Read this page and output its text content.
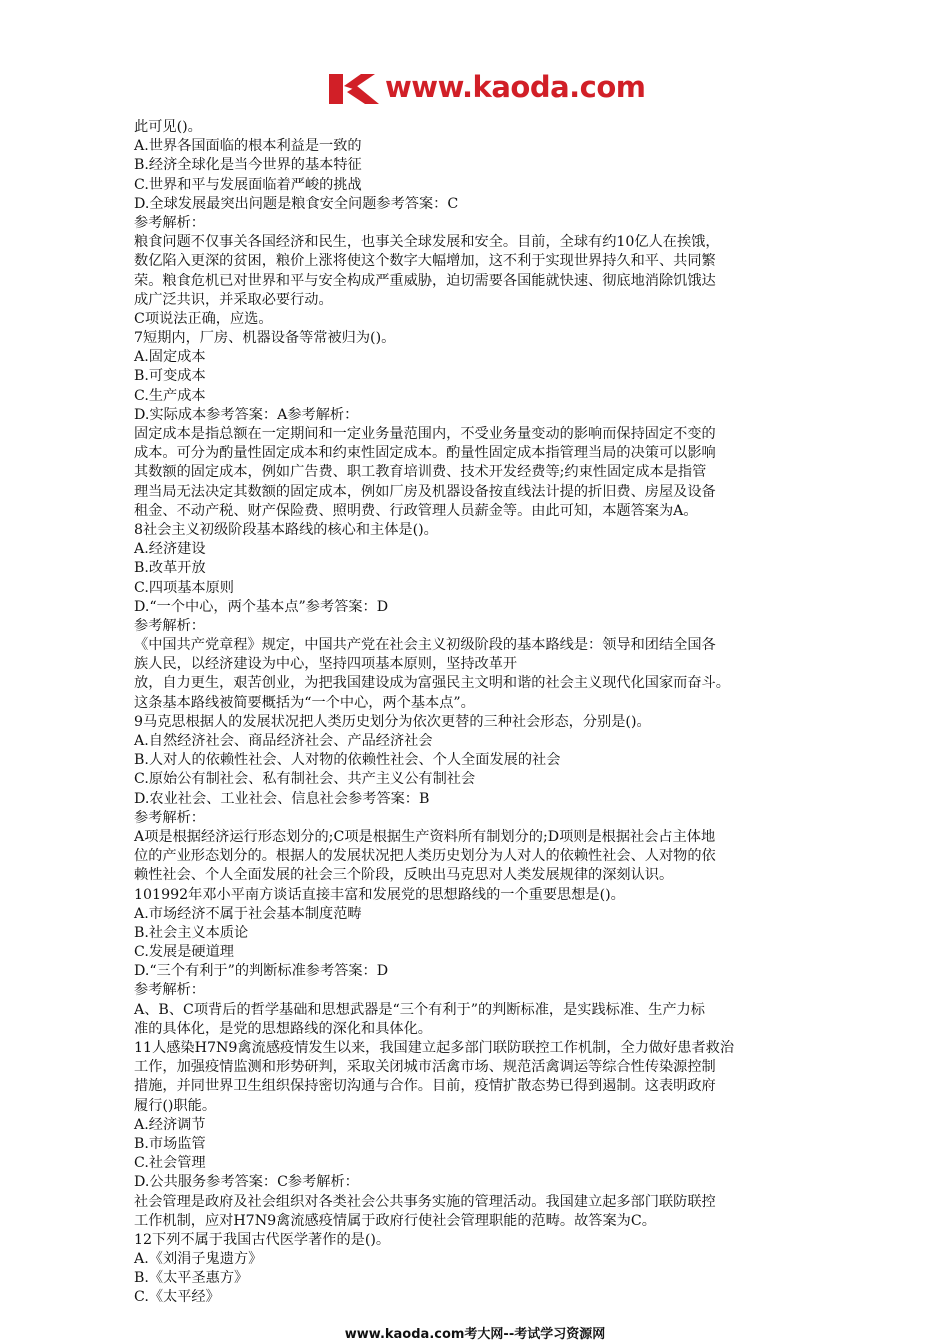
www.kaoda.com
此可见()。
A.世界各国面临的根本利益是一致的
B.经济全球化是当今世界的基本特征
C.世界和平与发展面临着严峻的挑战
D.全球发展最突出问题是粮食安全问题参考答案：C
参考解析：
粮食问题不仅事关各国经济和民生，也事关全球发展和安全。目前，全球有约10亿人在挨饿，
数亿陷入更深的贫困，粮价上涨将使这个数字大幅增加，这不利于实现世界持久和平、共同繁
荣。粮食危机已对世界和平与安全构成严重威胁，迫切需要各国能就快速、彻底地消除饥饿达
成广泛共识，并采取必要行动。
C项说法正确，应选。
7短期内，厂房、机器设备等常被归为()。
A.固定成本
B.可变成本
C.生产成本
D.实际成本参考答案：A参考解析：
固定成本是指总额在一定期间和一定业务量范围内，不受业务量变动的影响而保持固定不变的
成本。可分为酌量性固定成本和约束性固定成本。酌量性固定成本指管理当局的决策可以影响
其数额的固定成本，例如广告费、职工教育培训费、技术开发经费等;约束性固定成本是指管
理当局无法决定其数额的固定成本，例如厂房及机器设备按直线法计提的折旧费、房屋及设备
租金、不动产税、财产保险费、照明费、行政管理人员薪金等。由此可知，本题答案为A。
8社会主义初级阶段基本路线的核心和主体是()。
A.经济建设
B.改革开放
C.四项基本原则
D.“一个中心，两个基本点”参考答案：D
参考解析：
《中国共产党章程》规定，中国共产党在社会主义初级阶段的基本路线是：领导和团结全国各
族人民，以经济建设为中心，坚持四项基本原则，坚持改革开
放，自力更生，艰苦创业，为把我国建设成为富强民主文明和谐的社会主义现代化国家而奋斗。
这条基本路线被简要概括为“一个中心，两个基本点”。
9马克思根据人的发展状况把人类历史划分为依次更替的三种社会形态，分别是()。
A.自然经济社会、商品经济社会、产品经济社会
B.人对人的依赖性社会、人对物的依赖性社会、个人全面发展的社会
C.原始公有制社会、私有制社会、共产主义公有制社会
D.农业社会、工业社会、信息社会参考答案：B
参考解析：
A项是根据经济运行形态划分的;C项是根据生产资料所有制划分的;D项则是根据社会占主体地
位的产业形态划分的。根据人的发展状况把人类历史划分为人对人的依赖性社会、人对物的依
赖性社会、个人全面发展的社会三个阶段，反映出马克思对人类发展规律的深刻认识。
101992年邓小平南方谈话直接丰富和发展党的思想路线的一个重要思想是()。
A.市场经济不属于社会基本制度范畴
B.社会主义本质论
C.发展是硬道理
D.“三个有利于”的判断标准参考答案：D
参考解析：
A、B、C项背后的哲学基础和思想武器是“三个有利于”的判断标准，是实践标准、生产力标
准的具体化，是党的思想路线的深化和具体化。
11人感染H7N9禽流感疫情发生以来，我国建立起多部门联防联控工作机制，全力做好患者救治
工作，加强疫情监测和形势研判，采取关闭城市活禽市场、规范活禽调运等综合性传染源控制
措施，并同世界卫生组织保持密切沟通与合作。目前，疫情扩散态势已得到遏制。这表明政府
履行()职能。
A.经济调节
B.市场监管
C.社会管理
D.公共服务参考答案：C参考解析：
社会管理是政府及社会组织对各类社会公共事务实施的管理活动。我国建立起多部门联防联控
工作机制，应对H7N9禽流感疫情属于政府行使社会管理职能的范畴。故答案为C。
12下列不属于我国古代医学著作的是()。
A.《刘涓子鬼遗方》
B.《太平圣惠方》
C.《太平经》
www.kaoda.com考大网--考试学习资源网
